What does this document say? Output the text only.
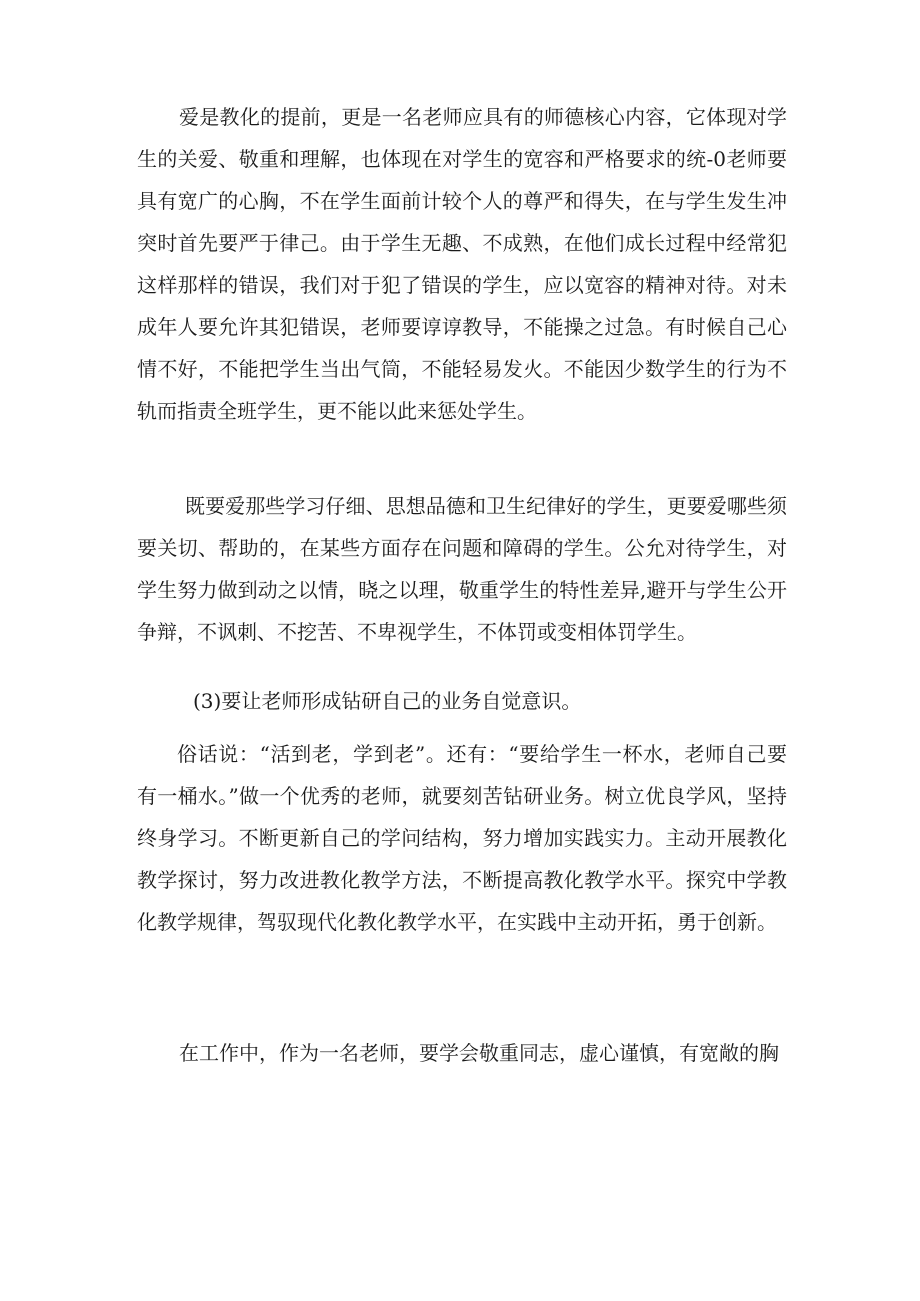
爱是教化的提前，更是一名老师应具有的师德核心内容，它体现对学生的关爱、敬重和理解，也体现在对学生的宽容和严格要求的统-0老师要具有宽广的心胸，不在学生面前计较个人的尊严和得失，在与学生发生冲突时首先要严于律己。由于学生无趣、不成熟，在他们成长过程中经常犯这样那样的错误，我们对于犯了错误的学生，应以宽容的精神对待。对未成年人要允许其犯错误，老师要谆谆教导，不能操之过急。有时候自己心情不好，不能把学生当出气筒，不能轻易发火。不能因少数学生的行为不轨而指责全班学生，更不能以此来惩处学生。

既要爱那些学习仔细、思想品德和卫生纪律好的学生，更要爱哪些须要关切、帮助的，在某些方面存在问题和障碍的学生。公允对待学生，对学生努力做到动之以情，晓之以理，敬重学生的特性差异,避开与学生公开争辩，不讽刺、不挖苦、不卑视学生，不体罚或变相体罚学生。

(3)要让老师形成钻研自己的业务自觉意识。

俗话说：“活到老，学到老”。还有：“要给学生一杯水，老师自己要有一桶水。”做一个优秀的老师，就要刻苦钻研业务。树立优良学风，坚持终身学习。不断更新自己的学问结构，努力增加实践实力。主动开展教化教学探讨，努力改进教化教学方法，不断提高教化教学水平。探究中学教化教学规律，驾驭现代化教化教学水平，在实践中主动开拓，勇于创新。

在工作中，作为一名老师，要学会敬重同志，虚心谨慎，有宽敞的胸
